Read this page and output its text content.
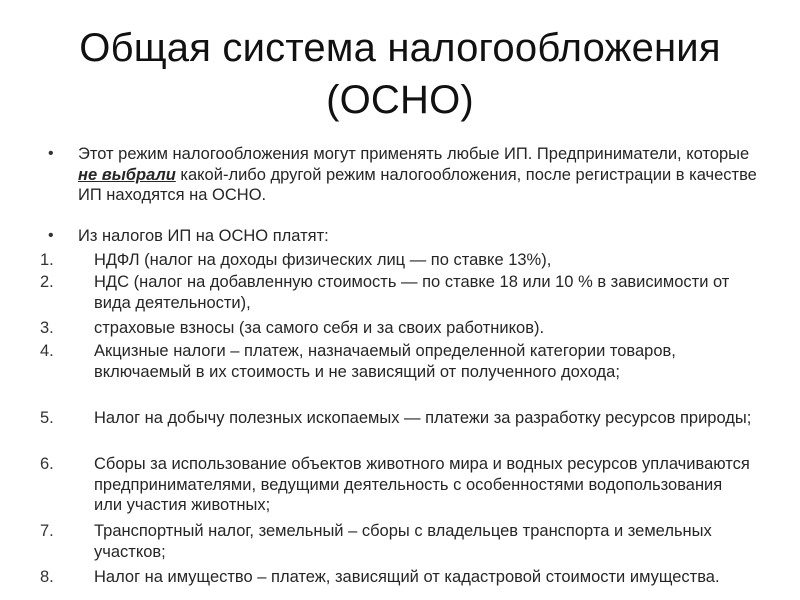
Общая система налогообложения
(ОСНО)
• Этот режим налогообложения могут применять любые ИП. Предприниматели, которые не выбрали какой-либо другой режим налогообложения, после регистрации в качестве ИП находятся на ОСНО.
• Из налогов ИП на ОСНО платят:
1.	НДФЛ (налог на доходы физических лиц — по ставке 13%),
2.	НДС (налог на добавленную стоимость — по ставке 18 или 10 % в зависимости от вида деятельности),
3.	страховые взносы (за самого себя и за своих работников).
4.	Акцизные налоги – платеж, назначаемый определенной категории товаров, включаемый в их стоимость и не зависящий от полученного дохода;
5.	Налог на добычу полезных ископаемых — платежи за разработку ресурсов природы;
6.	Сборы за использование объектов животного мира и водных ресурсов уплачиваются предпринимателями, ведущими деятельность с особенностями водопользования или участия животных;
7.	Транспортный налог, земельный – сборы с владельцев транспорта и земельных участков;
8.	Налог на имущество – платеж, зависящий от кадастровой стоимости имущества.
